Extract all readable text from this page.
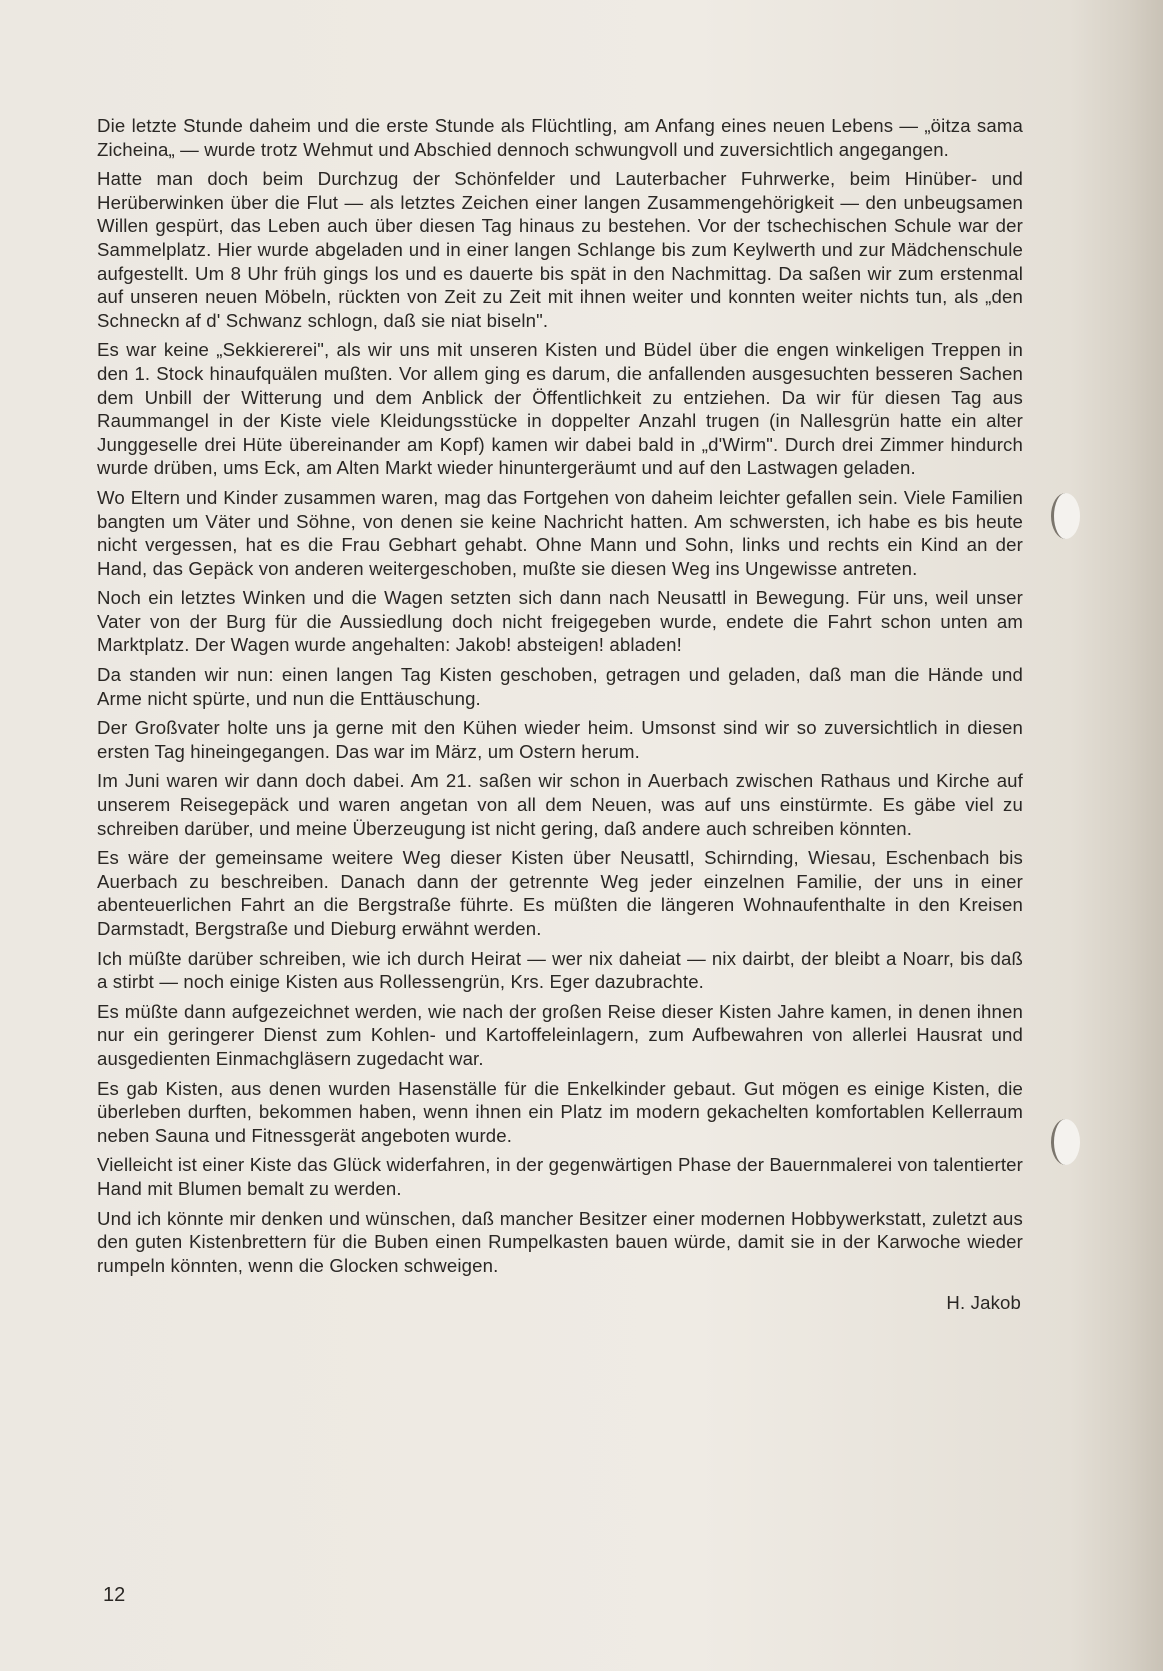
Die letzte Stunde daheim und die erste Stunde als Flüchtling, am Anfang eines neuen Lebens — „öitza sama Zicheina„ — wurde trotz Wehmut und Abschied dennoch schwungvoll und zuversichtlich angegangen.

Hatte man doch beim Durchzug der Schönfelder und Lauterbacher Fuhrwerke, beim Hinüber- und Herüberwinken über die Flut — als letztes Zeichen einer langen Zusammengehörigkeit — den unbeugsamen Willen gespürt, das Leben auch über diesen Tag hinaus zu bestehen. Vor der tschechischen Schule war der Sammelplatz. Hier wurde abgeladen und in einer langen Schlange bis zum Keylwerth und zur Mädchenschule aufgestellt. Um 8 Uhr früh gings los und es dauerte bis spät in den Nachmittag. Da saßen wir zum erstenmal auf unseren neuen Möbeln, rückten von Zeit zu Zeit mit ihnen weiter und konnten weiter nichts tun, als „den Schneckn af d' Schwanz schlogn, daß sie niat biseln".

Es war keine „Sekkiererei", als wir uns mit unseren Kisten und Büdel über die engen winkeligen Treppen in den 1. Stock hinaufquälen mußten. Vor allem ging es darum, die anfallenden ausgesuchten besseren Sachen dem Unbill der Witterung und dem Anblick der Öffentlichkeit zu entziehen. Da wir für diesen Tag aus Raummangel in der Kiste viele Kleidungsstücke in doppelter Anzahl trugen (in Nallesgrün hatte ein alter Junggeselle drei Hüte übereinander am Kopf) kamen wir dabei bald in „d'Wirm". Durch drei Zimmer hindurch wurde drüben, ums Eck, am Alten Markt wieder hinuntergeräumt und auf den Lastwagen geladen.

Wo Eltern und Kinder zusammen waren, mag das Fortgehen von daheim leichter gefallen sein. Viele Familien bangten um Väter und Söhne, von denen sie keine Nachricht hatten. Am schwersten, ich habe es bis heute nicht vergessen, hat es die Frau Gebhart gehabt. Ohne Mann und Sohn, links und rechts ein Kind an der Hand, das Gepäck von anderen weitergeschoben, mußte sie diesen Weg ins Ungewisse antreten.

Noch ein letztes Winken und die Wagen setzten sich dann nach Neusattl in Bewegung. Für uns, weil unser Vater von der Burg für die Aussiedlung doch nicht freigegeben wurde, endete die Fahrt schon unten am Marktplatz. Der Wagen wurde angehalten: Jakob! absteigen! abladen!

Da standen wir nun: einen langen Tag Kisten geschoben, getragen und geladen, daß man die Hände und Arme nicht spürte, und nun die Enttäuschung.

Der Großvater holte uns ja gerne mit den Kühen wieder heim. Umsonst sind wir so zuversichtlich in diesen ersten Tag hineingegangen. Das war im März, um Ostern herum.

Im Juni waren wir dann doch dabei. Am 21. saßen wir schon in Auerbach zwischen Rathaus und Kirche auf unserem Reisegepäck und waren angetan von all dem Neuen, was auf uns einstürmte. Es gäbe viel zu schreiben darüber, und meine Überzeugung ist nicht gering, daß andere auch schreiben könnten.

Es wäre der gemeinsame weitere Weg dieser Kisten über Neusattl, Schirnding, Wiesau, Eschenbach bis Auerbach zu beschreiben. Danach dann der getrennte Weg jeder einzelnen Familie, der uns in einer abenteuerlichen Fahrt an die Bergstraße führte. Es müßten die längeren Wohnaufenthalte in den Kreisen Darmstadt, Bergstraße und Dieburg erwähnt werden.

Ich müßte darüber schreiben, wie ich durch Heirat — wer nix daheiat — nix dairbt, der bleibt a Noarr, bis daß a stirbt — noch einige Kisten aus Rollessengrün, Krs. Eger dazubrachte.

Es müßte dann aufgezeichnet werden, wie nach der großen Reise dieser Kisten Jahre kamen, in denen ihnen nur ein geringerer Dienst zum Kohlen- und Kartoffeleinlagern, zum Aufbewahren von allerlei Hausrat und ausgedienten Einmachgläsern zugedacht war.

Es gab Kisten, aus denen wurden Hasenställe für die Enkelkinder gebaut. Gut mögen es einige Kisten, die überleben durften, bekommen haben, wenn ihnen ein Platz im modern gekachelten komfortablen Kellerraum neben Sauna und Fitnessgerät angeboten wurde.

Vielleicht ist einer Kiste das Glück widerfahren, in der gegenwärtigen Phase der Bauernmalerei von talentierter Hand mit Blumen bemalt zu werden.

Und ich könnte mir denken und wünschen, daß mancher Besitzer einer modernen Hobbywerkstatt, zuletzt aus den guten Kistenbrettern für die Buben einen Rumpelkasten bauen würde, damit sie in der Karwoche wieder rumpeln könnten, wenn die Glocken schweigen.

H. Jakob
12
